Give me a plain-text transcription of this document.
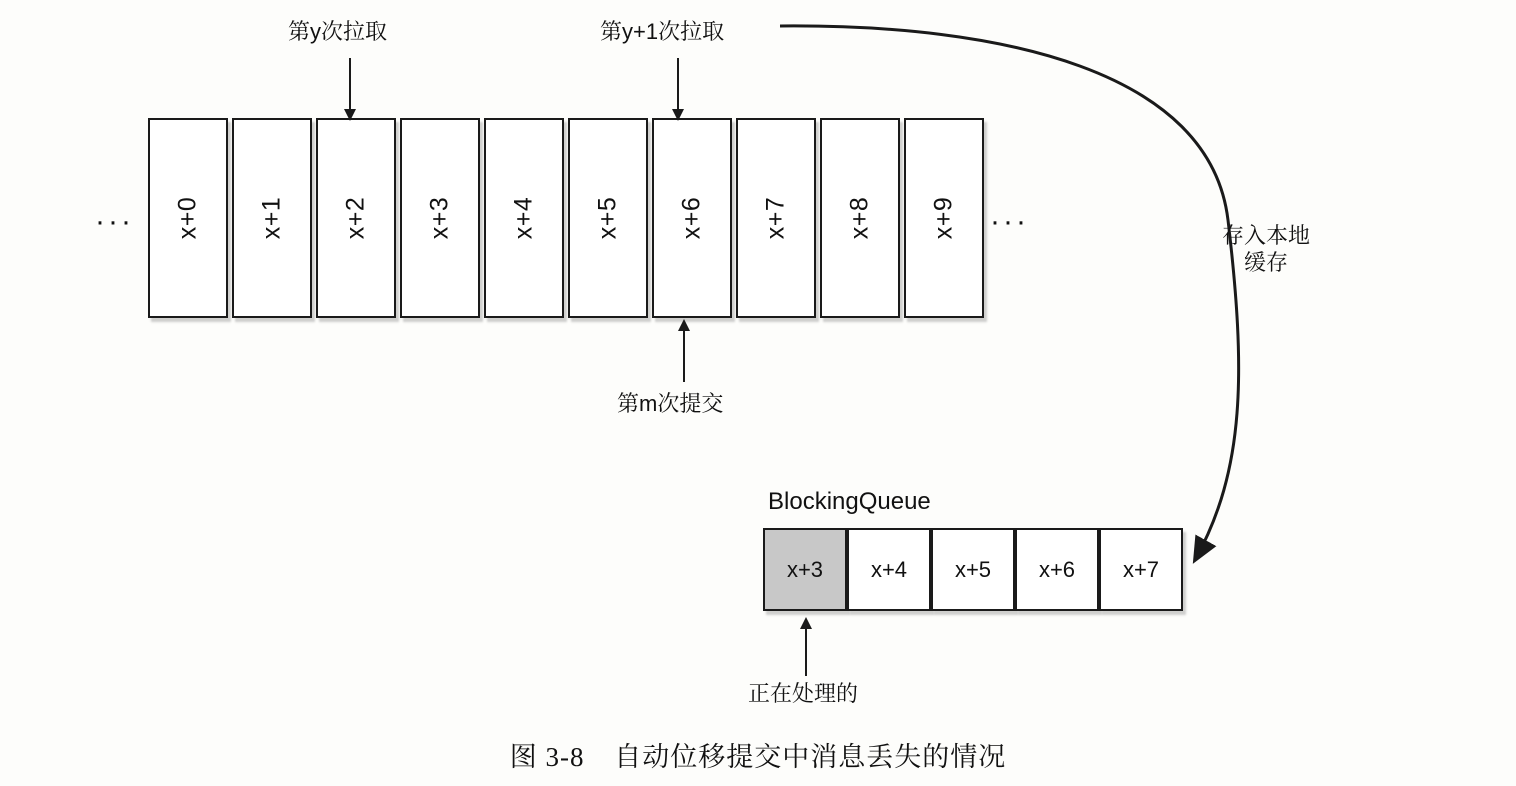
··· x+0 x+1 x+2 x+3 x+4 x+5 x+6 x+7 x+8 x+9 ···
第y次拉取	第y+1次拉取
第m次提交
BlockingQueue
x+3 x+4 x+5 x+6 x+7
正在处理的
存入本地
缓存
图 3-8 自动位移提交中消息丢失的情况
